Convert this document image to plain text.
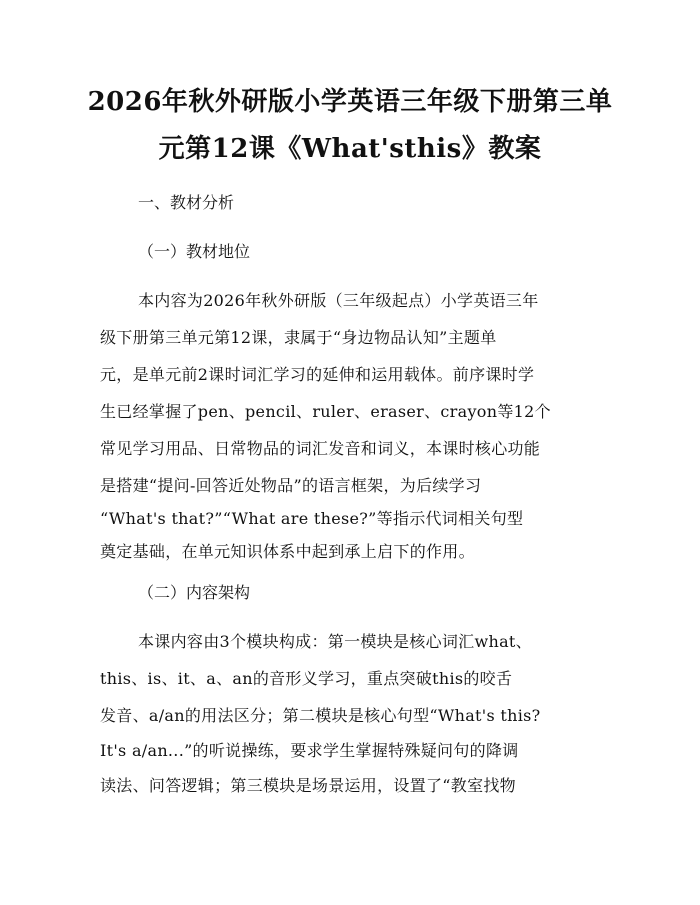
2026年秋外研版小学英语三年级下册第三单
元第12课《What'sthis》教案
一、教材分析
（一）教材地位
本内容为2026年秋外研版（三年级起点）小学英语三年
级下册第三单元第12课，隶属于“身边物品认知”主题单
元，是单元前2课时词汇学习的延伸和运用载体。前序课时学
生已经掌握了pen、pencil、ruler、eraser、crayon等12个
常见学习用品、日常物品的词汇发音和词义，本课时核心功能
是搭建“提问-回答近处物品”的语言框架，为后续学习
“What's that?”“What are these?”等指示代词相关句型
奠定基础，在单元知识体系中起到承上启下的作用。
（二）内容架构
本课内容由3个模块构成：第一模块是核心词汇what、
this、is、it、a、an的音形义学习，重点突破this的咬舌
发音、a/an的用法区分；第二模块是核心句型“What's this?
It's a/an...”的听说操练，要求学生掌握特殊疑问句的降调
读法、问答逻辑；第三模块是场景运用，设置了“教室找物
